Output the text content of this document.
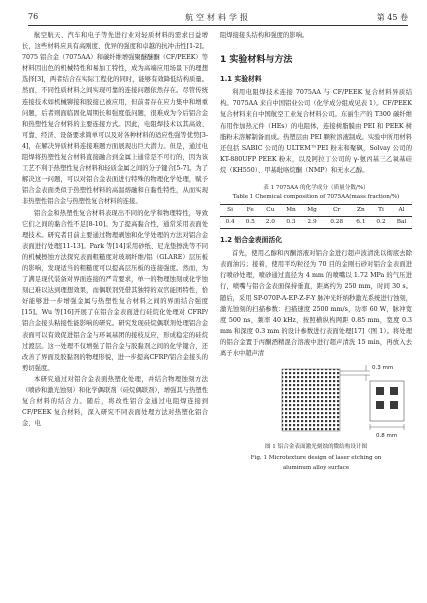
76	航空材料学报	第 45 卷

航空航天、汽车和电子等先进行业对轻质材料的需求日益增长，这些材料应具有高刚度、优异的强度和卓越的抗冲击性[1-2]。7075 铝合金（7075AA）和碳纤维增强聚醚醚酮（CF/PEEK）等材料因出色的机械特性和易加工特性，成为高端应用场景下的理想选择[3]，两者结合在实际工程化的同时，能够有效降低结构质量。然而，不同性质材料之间实现可靠的连接问题依然存在。尽管传统连接技术如机械铆接和胶接已被应用，但前者存在应力集中和增重问题，后者则面临固化周期长和强度低问题，很难成为今后铝合金和热塑性复合材料的主要连接方式。因此，电阻焊技术以其高效、可靠、经济、设备要求简单可以及对各种材料的适应性强等优势[3-4]，在解决异质材料连接难题方面展现出巨大潜力。但是，通过电阻焊将热塑性复合材料直接融合到金属上通常是不可行的，因为该工艺不利于热塑性复合材料和轻质金属之间的分子键合[5-7]。为了解决这一问题，可以对铝合金表面进行特殊的物理化学处理，赋予铝合金表面类似于热塑性材料的高温熔融和自黏性特性，从而实现非热塑性铝合金与热塑性复合材料的连接。

铝合金和热塑性复合材料表现出不同的化学和物理特性，导致它们之间的黏合性不足[8-10]。为了提高黏合性，通常采用表面处理技术。研究者目前主要通过物理剥蚀和化学处理的方法对铝合金表面进行处理[11-13]。Park 等[14]采用砂纸、尼龙垫擦洗等不同的机械擦蚀方法探究表面粗糙度对玻璃纤维/铝（GLARE）层压板的影响，发现适当的粗糙度可以提高层压板的连接强度。然而，为了满足现代装备对界面连接的严苛要求，单一的物理蚀刻或化学蚀刻已难以达到理想效果，而偶联剂凭借其独特的双官能团特性，恰好能够进一步增强金属与热塑性复合材料之间的界面结合强度[15]。Wu 等[16]开展了在铝合金表面进行硅烷化处理对 CFRP/铝合金接头粘接性能影响的研究。研究发现硅烷偶联剂处理铝合金表面可以有效促进铝合金与环氧基团的接枝反应，形成稳定的硅烷过渡层。这一处理不仅增强了铝合金与胶黏剂之间的化学键合，还改善了界面及胶黏剂的物理形貌，进一步提高CFRP/铝合金接头的剪切强度。

本研究通过对铝合金表面热塑化处理，并结合物理蚀刻方法（喷砂和激光蚀刻）和化学偶联剂（硅烷偶联剂），增强其与热塑性复合材料的结合力。随后，将改性铝合金通过电阻焊连接到 CF/PEEK 复合材料，深入研究不同表面处理方法对热塑化铝合金、电

阻焊接接头结构和强度的影响。

1 实验材料与方法
1.1 实验材料

利用电阻焊技术连接 7075AA 与 CF/PEEK 复合材料异质结构。7075AA 来自中国铝业公司（化学成分组成见表 1）。CF/PEEK 复合材料来自中国航空工业复合材料公司。东丽生产的 T300 碳纤维布用作加热元件（HEs）的电阻体，连接树脂膜由 PEI 和 PEEK 树脂粉末溶解制备而成。热塑层由 PEI 颗粒溶液制成。实验中所用材料还包括 SABIC 公司的 ULTEM™PEI 粉末和聚砜，Solvay 公司的 KT-880UFP PEEK 粉末，以及阿拉丁公司的 γ-氨丙基三乙氧基硅烷（KH550）、甲基吡咯烷酮（NMP）和无水乙醇。

表 1 7075AA 的化学成分（质量分数/%）
Table 1 Chemical composition of 7075AA(mass fraction/%)
Si	Fe	Cu	Mn	Mg	Cr	Zn	Ti	Al
0.4	0.5	2.0	0.3	2.9	0.28	6.1	0.2	Bal
1.2 铝合金表面活化

首先，使用乙醇和丙酮溶液对铝合金进行超声波清洗以彻底去除表面油污；接着，使用平均粒径为 70 目的金刚石砂对铝合金表面进行喷砂处理，喷砂通过直径为 4 mm 的喷嘴以 1.72 MPa 的气压进行，喷嘴与铝合金表面保持垂直，距离约为 250 mm，时间 30 s。随后，采用 SP-070P-A-EP-Z-F-Y 脉冲光纤纳秒激光系统进行蚀刻，激光蚀刻的扫描参数：扫描速度 2500 mm/s，功率 60 W，脉冲宽度 500 ns，频率 40 kHz，按照横纵构网距 0.85 mm，宽度 0.3 mm 和深度 0.3 mm 的设计参数进行表面处理[17]（图 1）。将处理的铝合金置于丙酮酒精混合溶液中进行超声清洗 15 min，再放入去离子水中超声清

0.3 mm
0.8 mm
图 1 铝合金表面激光刻蚀的微结构设计图
Fig. 1 Microtexture design of laser etching on
aluminum alloy surface
